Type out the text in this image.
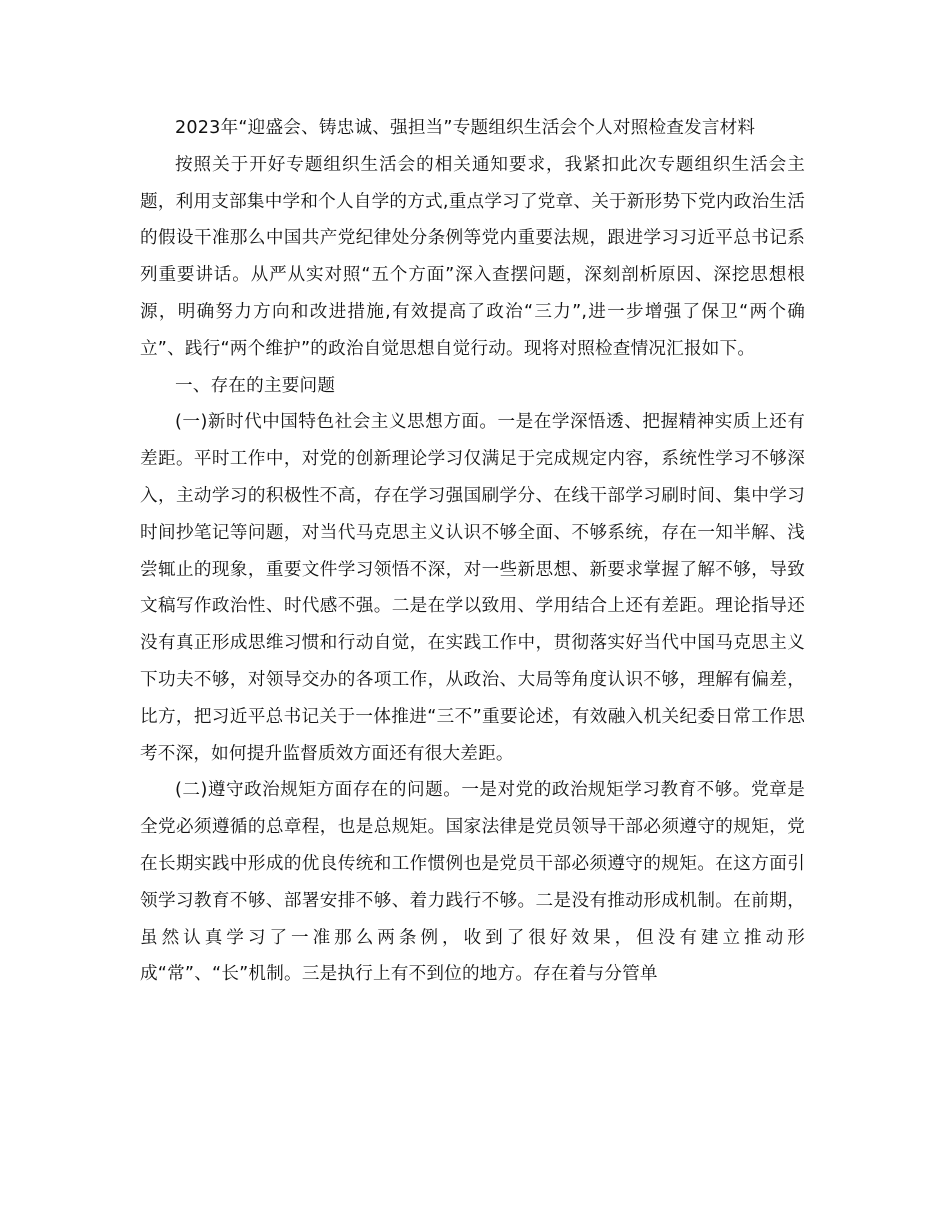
2023年“迎盛会、铸忠诚、强担当”专题组织生活会个人对照检查发言材料

按照关于开好专题组织生活会的相关通知要求，我紧扣此次专题组织生活会主题，利用支部集中学和个人自学的方式,重点学习了党章、关于新形势下党内政治生活的假设干准那么中国共产党纪律处分条例等党内重要法规，跟进学习习近平总书记系列重要讲话。从严从实对照“五个方面”深入查摆问题，深刻剖析原因、深挖思想根源，明确努力方向和改进措施,有效提高了政治“三力”,进一步增强了保卫“两个确立”、践行“两个维护”的政治自觉思想自觉行动。现将对照检查情况汇报如下。

一、存在的主要问题

(一)新时代中国特色社会主义思想方面。一是在学深悟透、把握精神实质上还有差距。平时工作中，对党的创新理论学习仅满足于完成规定内容，系统性学习不够深入，主动学习的积极性不高，存在学习强国刷学分、在线干部学习刷时间、集中学习时间抄笔记等问题，对当代马克思主义认识不够全面、不够系统，存在一知半解、浅尝辄止的现象，重要文件学习领悟不深，对一些新思想、新要求掌握了解不够，导致文稿写作政治性、时代感不强。二是在学以致用、学用结合上还有差距。理论指导还没有真正形成思维习惯和行动自觉，在实践工作中，贯彻落实好当代中国马克思主义下功夫不够，对领导交办的各项工作，从政治、大局等角度认识不够，理解有偏差，比方，把习近平总书记关于一体推进“三不”重要论述，有效融入机关纪委日常工作思考不深，如何提升监督质效方面还有很大差距。

(二)遵守政治规矩方面存在的问题。一是对党的政治规矩学习教育不够。党章是全党必须遵循的总章程，也是总规矩。国家法律是党员领导干部必须遵守的规矩，党在长期实践中形成的优良传统和工作惯例也是党员干部必须遵守的规矩。在这方面引领学习教育不够、部署安排不够、着力践行不够。二是没有推动形成机制。在前期，虽然认真学习了一准那么两条例，收到了很好效果，但没有建立推动形成“常”、“长”机制。三是执行上有不到位的地方。存在着与分管单
